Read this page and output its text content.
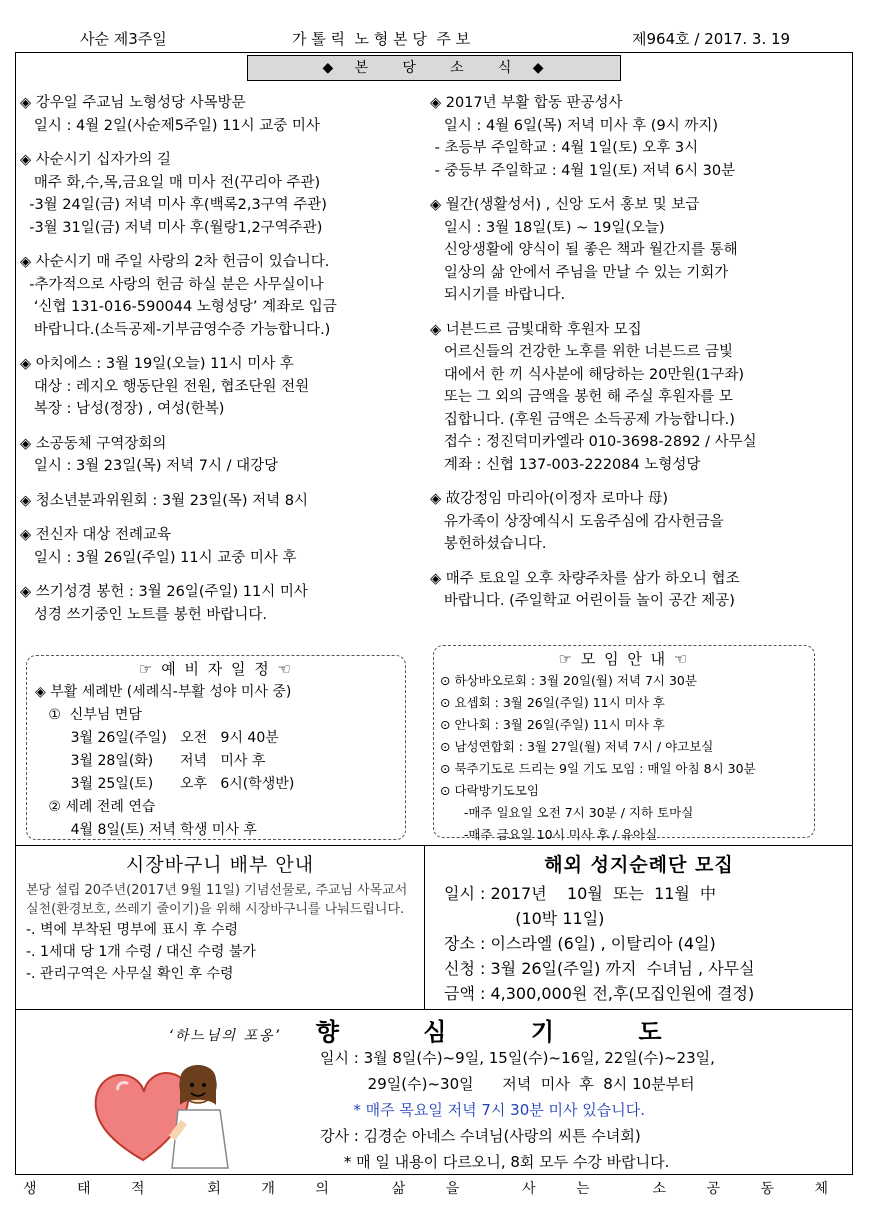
사순 제3주일	가 톨 릭  노 형 본 당  주 보	제964호 / 2017. 3. 19
◆   본     당     소     식   ◆
◈ 강우일 주교님 노형성당 사목방문
일시 : 4월 2일(사순제5주일) 11시 교중 미사
◈ 사순시기 십자가의 길
매주 화,수,목,금요일 매 미사 전(꾸리아 주관)
-3월 24일(금) 저녁 미사 후(백록2,3구역 주관)
-3월 31일(금) 저녁 미사 후(월랑1,2구역주관)
◈ 사순시기 매 주일 사랑의 2차 헌금이 있습니다.
-추가적으로 사랑의 헌금 하실 분은 사무실이나
‘신협 131-016-590044 노형성당’ 계좌로 입금
바랍니다.(소득공제-기부금영수증 가능합니다.)
◈ 아치에스 : 3월 19일(오늘) 11시 미사 후
대상 : 레지오 행동단원 전원, 협조단원 전원
복장 : 남성(정장) , 여성(한복)
◈ 소공동체 구역장회의
일시 : 3월 23일(목) 저녁 7시 / 대강당
◈ 청소년분과위원회 : 3월 23일(목) 저녁 8시
◈ 전신자 대상 전례교육
일시 : 3월 26일(주일) 11시 교중 미사 후
◈ 쓰기성경 봉헌 : 3월 26일(주일) 11시 미사
성경 쓰기중인 노트를 봉헌 바랍니다.
◈ 2017년 부활 합동 판공성사
일시 : 4월 6일(목) 저녁 미사 후 (9시 까지)
- 초등부 주일학교 : 4월 1일(토) 오후 3시
- 중등부 주일학교 : 4월 1일(토) 저녁 6시 30분
◈ 월간(생활성서) , 신앙 도서 홍보 및 보급
일시 : 3월 18일(토) ~ 19일(오늘)
신앙생활에 양식이 될 좋은 책과 월간지를 통해
일상의 삶 안에서 주님을 만날 수 있는 기회가
되시기를 바랍니다.
◈ 너븐드르 금빛대학 후원자 모집
어르신들의 건강한 노후를 위한 너븐드르 금빛
대에서 한 끼 식사분에 해당하는 20만원(1구좌)
또는 그 외의 금액을 봉헌 해 주실 후원자를 모
집합니다. (후원 금액은 소득공제 가능합니다.)
접수 : 정진덕미카엘라 010-3698-2892 / 사무실
계좌 : 신협 137-003-222084 노형성당
◈ 故강정임 마리아(이정자 로마나 母)
유가족이 상장예식시 도움주심에 감사헌금을
봉헌하셨습니다.
◈ 매주 토요일 오후 차량주차를 삼가 하오니 협조
바랍니다. (주일학교 어린이들 놀이 공간 제공)
☞ 예 비 자 일 정 ☜
◈ 부활 세례반 (세례식-부활 성야 미사 중)
①  신부님 면담
3월 26일(주일)   오전   9시 40분
3월 28일(화)      저녁   미사 후
3월 25일(토)      오후   6시(학생반)
② 세례 전례 연습
4월 8일(토) 저녁 학생 미사 후
☞ 모 임 안 내 ☜
⊙ 하상바오로회 : 3월 20일(월) 저녁 7시 30분
⊙ 요셉회 : 3월 26일(주일) 11시 미사 후
⊙ 안나회 : 3월 26일(주일) 11시 미사 후
⊙ 남성연합회 : 3월 27일(월) 저녁 7시 / 야고보실
⊙ 묵주기도로 드리는 9일 기도 모임 : 매일 아침 8시 30분
⊙ 다락방기도모임
-매주 일요일 오전 7시 30분 / 지하 토마실
-매주 금요일 10시 미사 후 / 유아실
시장바구니 배부 안내
본당 설립 20주년(2017년 9월 11일) 기념선물로, 주교님 사목교서 실천(환경보호, 쓰레기 줄이기)을 위해 시장바구니를 나눠드립니다.
-. 벽에 부착된 명부에 표시 후 수령
-. 1세대 당 1개 수령 / 대신 수령 불가
-. 관리구역은 사무실 확인 후 수령
해외 성지순례단 모집
일시 : 2017년    10월  또는  11월  中
(10박 11일)
장소 : 이스라엘 (6일) , 이탈리아 (4일)
신청 : 3월 26일(주일) 까지  수녀님 , 사무실
금액 : 4,300,000원 전,후(모집인원에 결정)
‘하느님의 포옹’ 향 심 기 도
일시 : 3월 8일(수)~9일, 15일(수)~16일, 22일(수)~23일,
29일(수)~30일      저녁  미사  후  8시 10분부터
* 매주 목요일 저녁 7시 30분 미사 있습니다.
강사 : 김경순 아네스 수녀님(사랑의 씨튼 수녀회)
* 매 일 내용이 다르오니, 8회 모두 수강 바랍니다.
생 태 적  회 개 의  삶 을  사 는  소 공 동 체
